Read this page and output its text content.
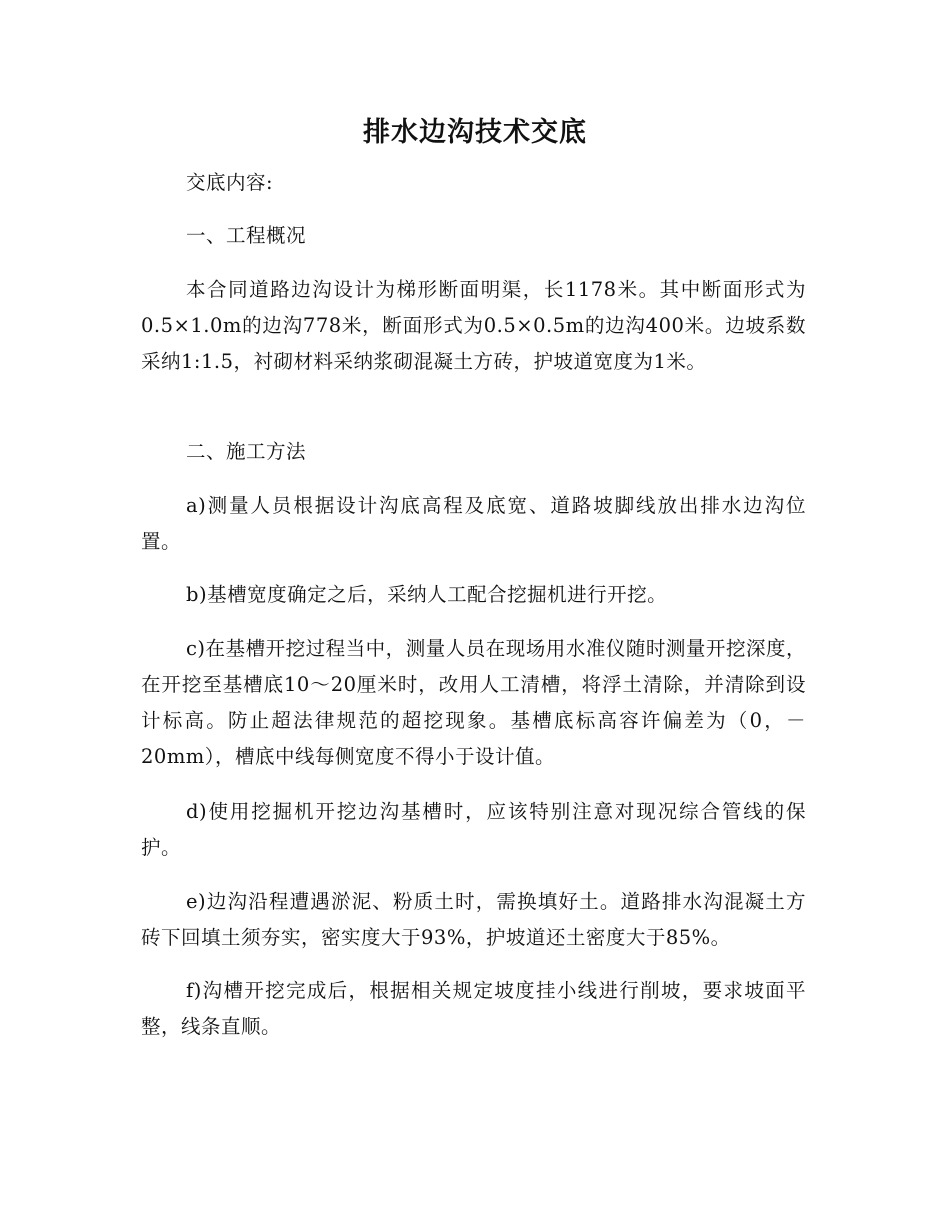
排水边沟技术交底

交底内容:

一、工程概况

本合同道路边沟设计为梯形断面明渠，长1178米。其中断面形式为0.5×1.0m的边沟778米，断面形式为0.5×0.5m的边沟400米。边坡系数采纳1:1.5，衬砌材料采纳浆砌混凝土方砖，护坡道宽度为1米。

二、施工方法

a)测量人员根据设计沟底高程及底宽、道路坡脚线放出排水边沟位置。

b)基槽宽度确定之后，采纳人工配合挖掘机进行开挖。

c)在基槽开挖过程当中，测量人员在现场用水准仪随时测量开挖深度，在开挖至基槽底10～20厘米时，改用人工清槽，将浮土清除，并清除到设计标高。防止超法律规范的超挖现象。基槽底标高容许偏差为（0，－20mm），槽底中线每侧宽度不得小于设计值。

d)使用挖掘机开挖边沟基槽时，应该特别注意对现况综合管线的保护。

e)边沟沿程遭遇淤泥、粉质土时，需换填好土。道路排水沟混凝土方砖下回填土须夯实，密实度大于93%，护坡道还土密度大于85%。

f)沟槽开挖完成后，根据相关规定坡度挂小线进行削坡，要求坡面平整，线条直顺。
